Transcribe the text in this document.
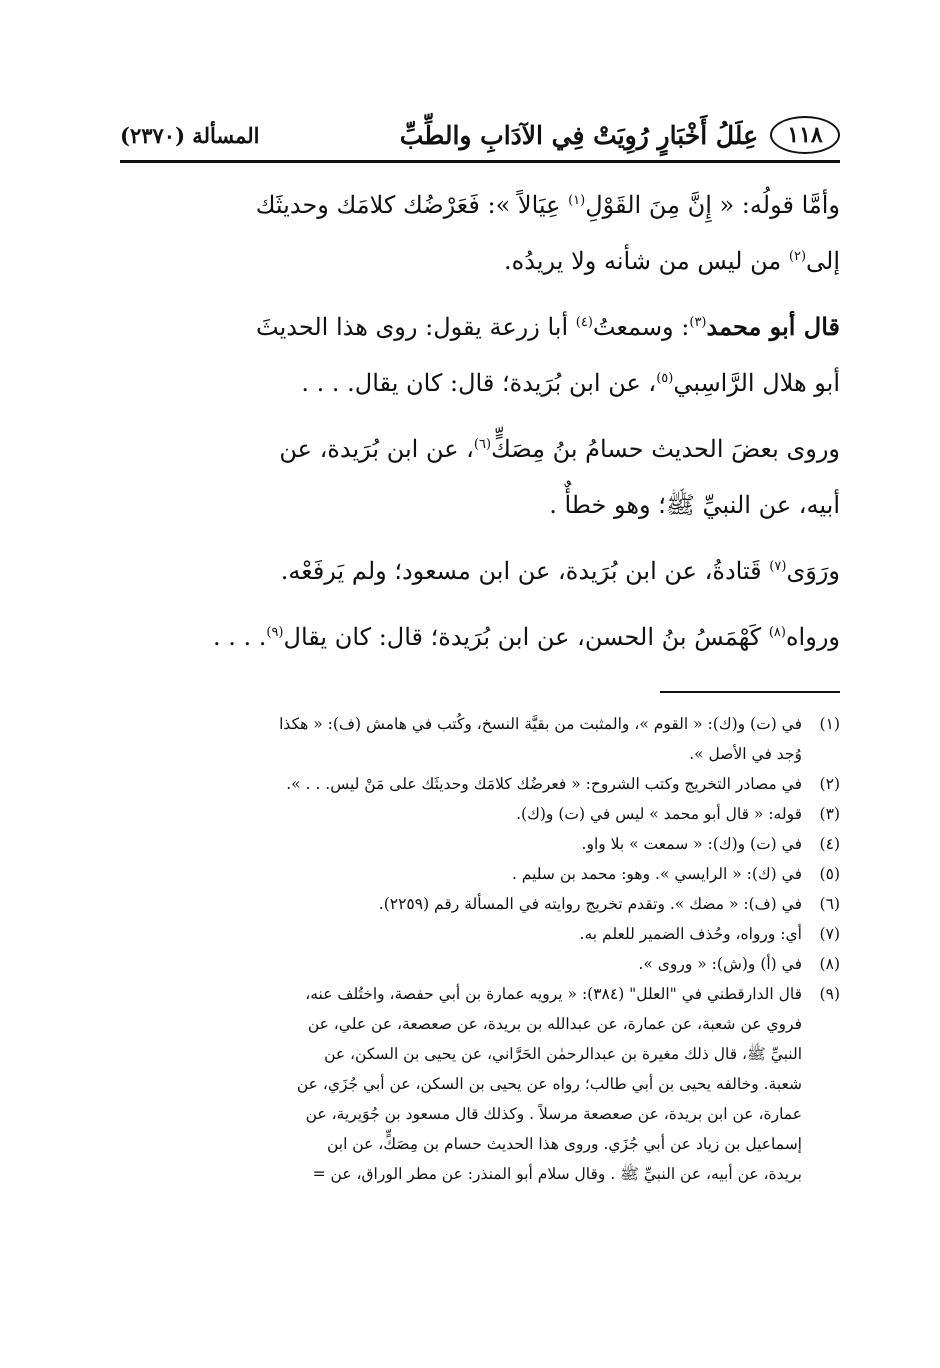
١١٨
عِلَلُ أَخْبَارٍ رُوِيَتْ فِي الآدَابِ والطِّبِّ
المسألة (٢٣٧٠)

وأمَّا قولُه: « إِنَّ مِنَ القَوْلِ$^{(١)}$ عِيَالاً »: فَعَرْضُك كلامَك وحديثَك

إلى$^{(٢)}$ من ليس من شأنه ولا يريدُه.

قال أبو محمد$^{(٣)}$: وسمعتُ$^{(٤)}$ أبا زرعة يقول: روى هذا الحديثَ

أبو هلال الرَّاسِبي$^{(٥)}$، عن ابن بُرَيدة؛ قال: كان يقال. . . .

وروى بعضَ الحديث حسامُ بنُ مِصَكٍّ$^{(٦)}$، عن ابن بُرَيدة، عن

أبيه، عن النبيِّ ﷺ؛ وهو خطأٌ .

ورَوَى$^{(٧)}$ قَتادةُ، عن ابن بُرَيدة، عن ابن مسعود؛ ولم يَرفَعْه.

ورواه$^{(٨)}$ كَهْمَسُ بنُ الحسن، عن ابن بُرَيدة؛ قال: كان يقال$^{(٩)}$. . . .

(١)

في (ت) و(ك): « القوم »، والمثبت من بقيَّة النسخ، وكُتب في هامش (ف): « هكذا

وُجد في الأصل ».

(٢)

في مصادر التخريج وكتب الشروح: « فعرضُك كلامَك وحديثَك على مَنْ ليس. . . ».

(٣)

قوله: « قال أبو محمد » ليس في (ت) و(ك).

(٤)

في (ت) و(ك): « سمعت » بلا واو.

(٥)

في (ك): « الرايسي ». وهو: محمد بن سليم .

(٦)

في (ف): « مضك ». وتقدم تخريج روايته في المسألة رقم (٢٢٥٩).

(٧)

أي: ورواه، وحُذف الضمير للعلم به.

(٨)

في (أ) و(ش): « وروى ».

(٩)

قال الدارقطني في "العلل" (٣٨٤): « يرويه عمارة بن أبي حفصة، واختُلف عنه،

فروي عن شعبة، عن عمارة، عن عبدالله بن بريدة، عن صعصعة، عن علي، عن

النبيِّ ﷺ، قال ذلك مغيرة بن عبدالرحمٰن الحَرَّاني، عن يحيى بن السكن، عن

شعبة. وخالفه يحيى بن أبي طالب؛ رواه عن يحيى بن السكن، عن أبي جُزَي، عن

عمارة، عن ابن بريدة، عن صعصعة مرسلاً . وكذلك قال مسعود بن جُوَيرية، عن

إسماعيل بن زياد عن أبي جُزَي. وروى هذا الحديث حسام بن مِصَكٍّ، عن ابن

بريدة، عن أبيه، عن النبيِّ ﷺ . وقال سلام أبو المنذر: عن مطر الوراق، عن =
